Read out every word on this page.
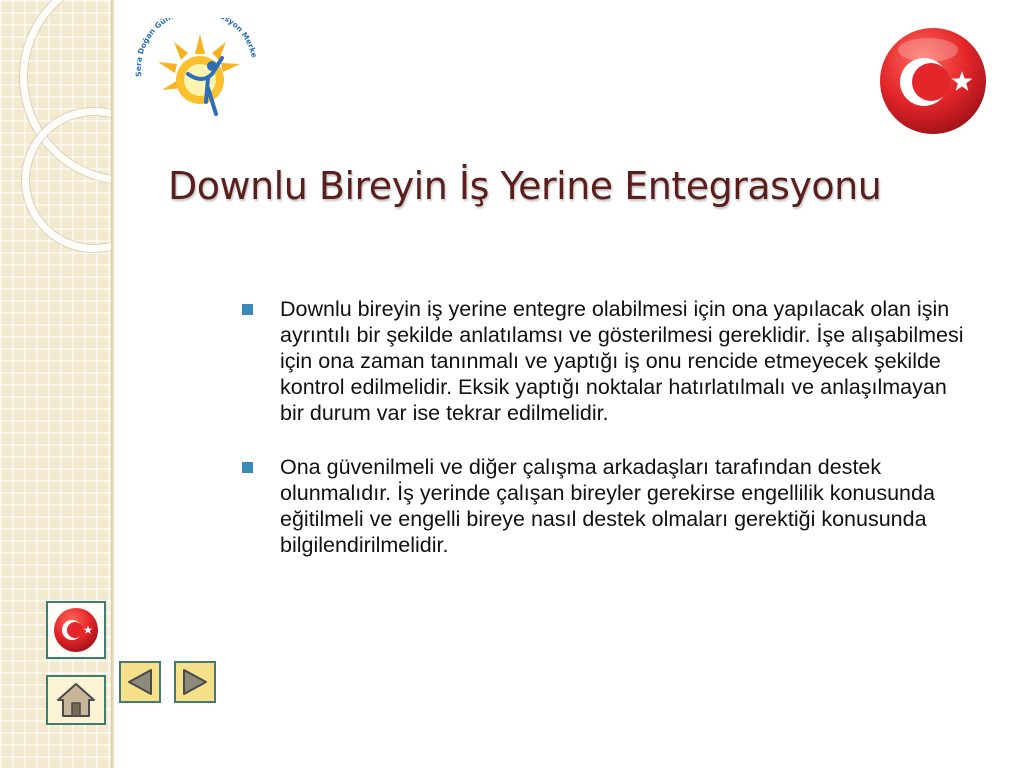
Sera Doğan Gün syon Merke
Downlu Bireyin İş Yerine Entegrasyonu
Downlu bireyin iş yerine entegre olabilmesi için ona yapılacak olan işin ayrıntılı bir şekilde anlatılamsı ve gösterilmesi gereklidir. İşe alışabilmesi için ona zaman tanınmalı ve yaptığı iş onu rencide etmeyecek şekilde kontrol edilmelidir. Eksik yaptığı noktalar hatırlatılmalı ve anlaşılmayan bir durum var ise tekrar edilmelidir.
Ona güvenilmeli ve diğer çalışma arkadaşları tarafından destek olunmalıdır. İş yerinde çalışan bireyler gerekirse engellilik konusunda eğitilmeli ve engelli bireye nasıl destek olmaları gerektiği konusunda bilgilendirilmelidir.
